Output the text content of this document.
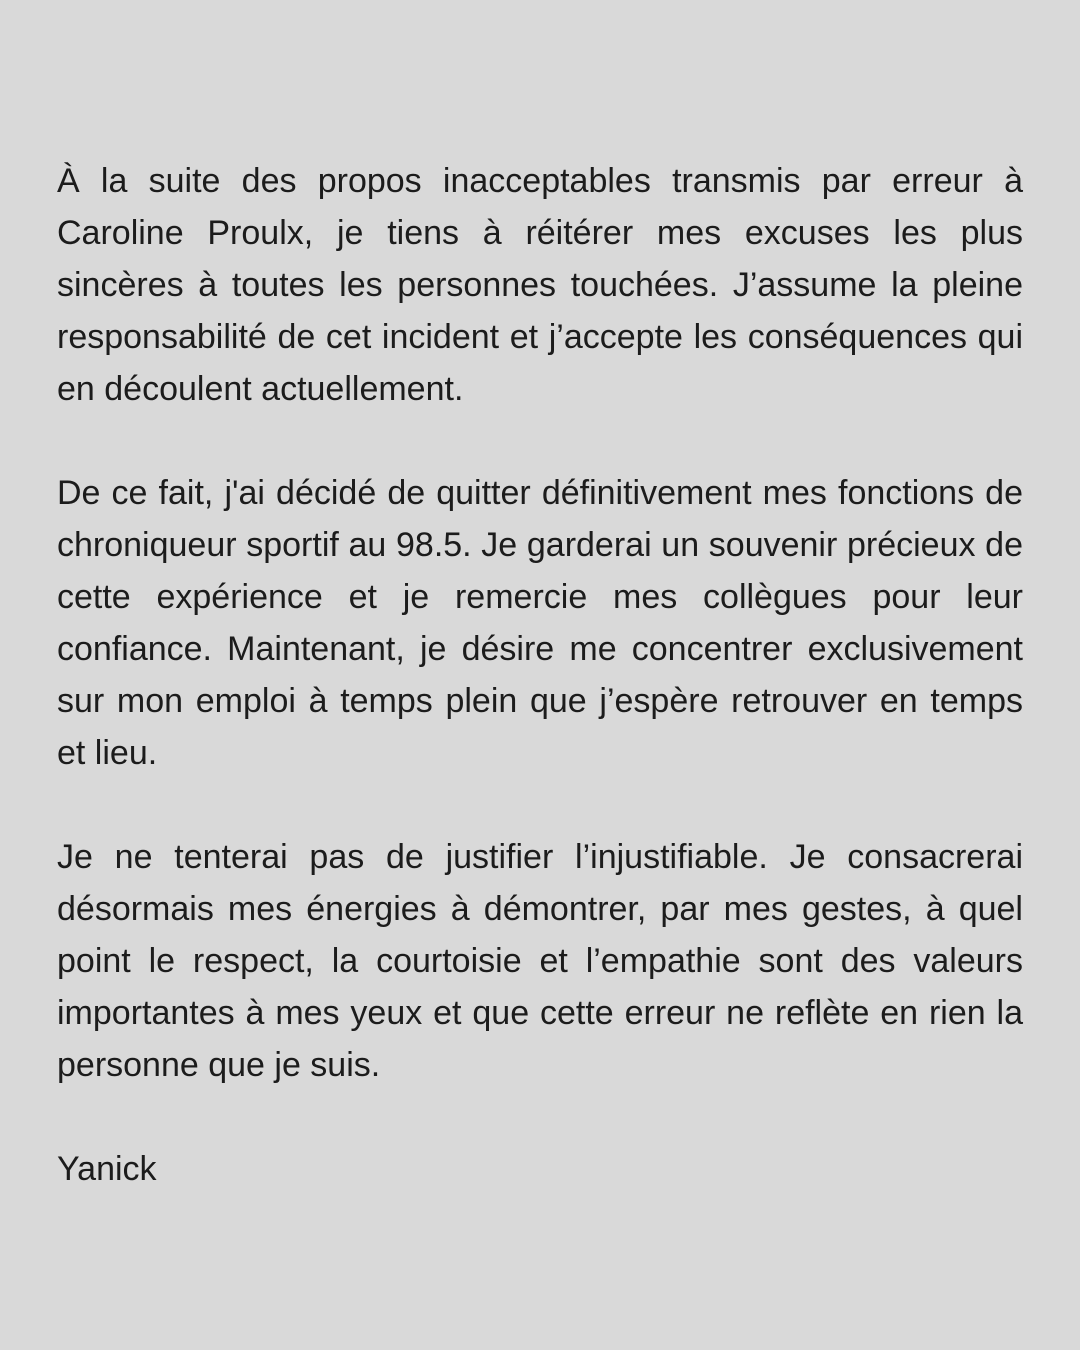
À la suite des propos inacceptables transmis par erreur à Caroline Proulx, je tiens à réitérer mes excuses les plus sincères à toutes les personnes touchées. J’assume la pleine responsabilité de cet incident et j’accepte les conséquences qui en découlent actuellement.

De ce fait, j'ai décidé de quitter définitivement mes fonctions de chroniqueur sportif au 98.5. Je garderai un souvenir précieux de cette expérience et je remercie mes collègues pour leur confiance. Maintenant, je désire me concentrer exclusivement sur mon emploi à temps plein que j’espère retrouver en temps et lieu.

Je ne tenterai pas de justifier l’injustifiable. Je consacrerai désormais mes énergies à démontrer, par mes gestes, à quel point le respect, la courtoisie et l’empathie sont des valeurs importantes à mes yeux et que cette erreur ne reflète en rien la personne que je suis.

Yanick
